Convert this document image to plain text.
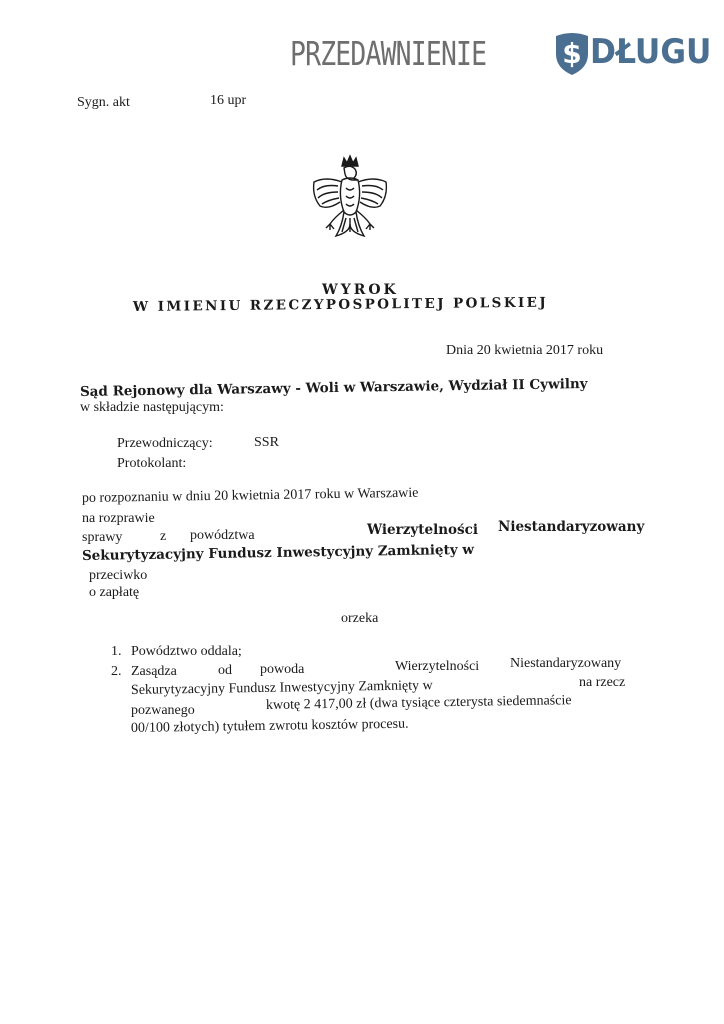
PRZEDAWNIENIE	$ DŁUGU
Sygn. akt	16 upr
WYROK
W IMIENIU RZECZYPOSPOLITEJ POLSKIEJ
Dnia 20 kwietnia 2017 roku
Sąd Rejonowy dla Warszawy - Woli w Warszawie, Wydział II Cywilny
w składzie następującym:
Przewodniczący:	SSR
Protokolant:
po rozpoznaniu w dniu 20 kwietnia 2017 roku w Warszawie
na rozprawie
sprawy	z powództwa	Wierzytelności Niestandaryzowany
Sekurytyzacyjny Fundusz Inwestycyjny Zamknięty w
przeciwko
o zapłatę
orzeka
1. Powództwo oddala;
2. Zasądza	od powoda	Wierzytelności Niestandaryzowany
Sekurytyzacyjny Fundusz Inwestycyjny Zamknięty w	na rzecz
pozwanego	kwotę 2 417,00 zł (dwa tysiące czterysta siedemnaście
00/100 złotych) tytułem zwrotu kosztów procesu.
